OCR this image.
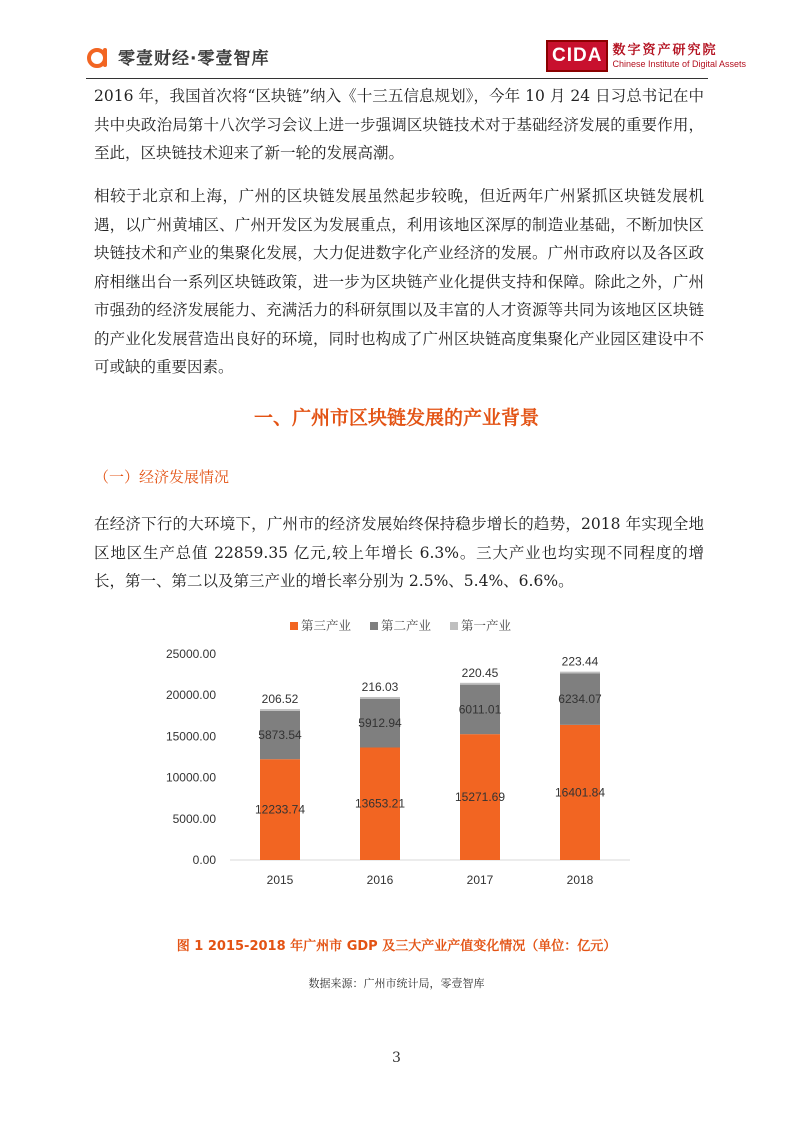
零壹财经·零壹智库	CIDA 数字资产研究院
Chinese Institute of Digital Assets

2016 年，我国首次将“区块链”纳入《十三五信息规划》，今年 10 月 24 日习总书记在中共中央政治局第十八次学习会议上进一步强调区块链技术对于基础经济发展的重要作用，至此，区块链技术迎来了新一轮的发展高潮。

相较于北京和上海，广州的区块链发展虽然起步较晚，但近两年广州紧抓区块链发展机遇，以广州黄埔区、广州开发区为发展重点，利用该地区深厚的制造业基础，不断加快区块链技术和产业的集聚化发展，大力促进数字化产业经济的发展。广州市政府以及各区政府相继出台一系列区块链政策，进一步为区块链产业化提供支持和保障。除此之外，广州市强劲的经济发展能力、充满活力的科研氛围以及丰富的人才资源等共同为该地区区块链的产业化发展营造出良好的环境，同时也构成了广州区块链高度集聚化产业园区建设中不可或缺的重要因素。

一、广州市区块链发展的产业背景
（一）经济发展情况

在经济下行的大环境下，广州市的经济发展始终保持稳步增长的趋势，2018 年实现全地区地区生产总值 22859.35 亿元,较上年增长 6.3%。三大产业也均实现不同程度的增长，第一、第二以及第三产业的增长率分别为 2.5%、5.4%、6.6%。

第三产业 第二产业 第一产业
0.00
5000.00
10000.00
15000.00
20000.00
25000.00
12233.74
5873.54
206.52
2015
13653.21
5912.94
216.03
2016
15271.69
6011.01
220.45
2017
16401.84
6234.07
223.44
2018
图 1 2015-2018 年广州市 GDP 及三大产业产值变化情况（单位：亿元）
数据来源：广州市统计局，零壹智库
3
